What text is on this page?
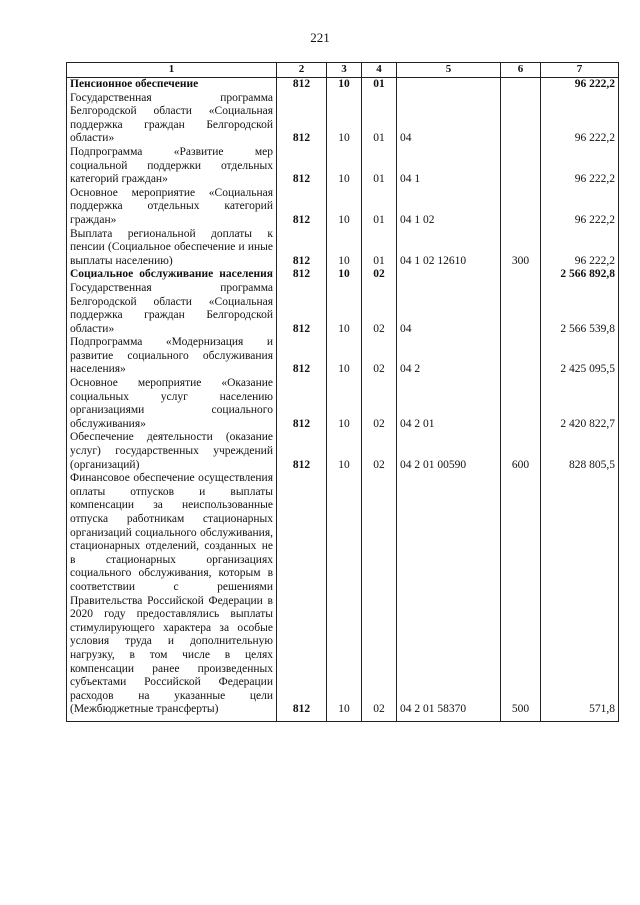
221
1	2	3	4	5	6	7
Пенсионное обеспечение	812	10	01			96 222,2
Государственная программа Белгородской области «Социальная поддержка граждан Белгородской области»	812	10	01	04		96 222,2
Подпрограмма «Развитие мер социальной поддержки отдельных категорий граждан»	812	10	01	04 1		96 222,2
Основное мероприятие «Социальная поддержка отдельных категорий граждан»	812	10	01	04 1 02		96 222,2
Выплата региональной доплаты к пенсии (Социальное обеспечение и иные выплаты населению)	812	10	01	04 1 02 12610	300	96 222,2
Социальное обслуживание населения	812	10	02			2 566 892,8
Государственная программа Белгородской области «Социальная поддержка граждан Белгородской области»	812	10	02	04		2 566 539,8
Подпрограмма «Модернизация и развитие социального обслуживания населения»	812	10	02	04 2		2 425 095,5
Основное мероприятие «Оказание социальных услуг населению организациями социального обслуживания»	812	10	02	04 2 01		2 420 822,7
Обеспечение деятельности (оказание услуг) государственных учреждений (организаций)	812	10	02	04 2 01 00590	600	828 805,5
Финансовое обеспечение осуществления оплаты отпусков и выплаты компенсации за неиспользованные отпуска работникам стационарных организаций социального обслуживания, стационарных отделений, созданных не в стационарных организациях социального обслуживания, которым в соответствии с решениями Правительства Российской Федерации в 2020 году предоставлялись выплаты стимулирующего характера за особые условия труда и дополнительную нагрузку, в том числе в целях компенсации ранее произведенных субъектами Российской Федерации расходов на указанные цели (Межбюджетные трансферты)	812	10	02	04 2 01 58370	500	571,8
